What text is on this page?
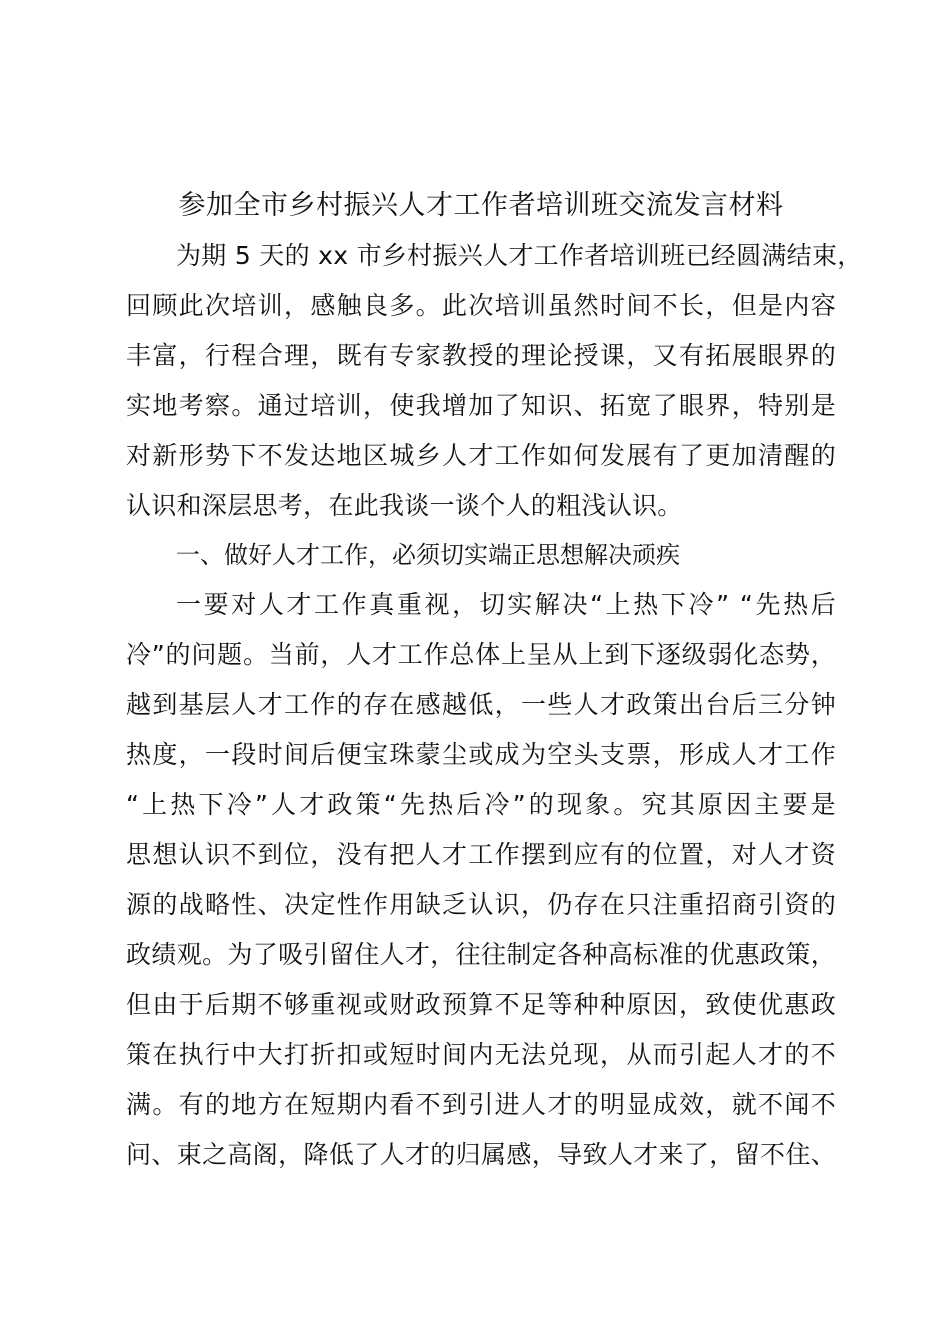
参加全市乡村振兴人才工作者培训班交流发言材料
为期 5 天的 xx 市乡村振兴人才工作者培训班已经圆满结束，
回顾此次培训，感触良多。此次培训虽然时间不长，但是内容
丰富，行程合理，既有专家教授的理论授课，又有拓展眼界的
实地考察。通过培训，使我增加了知识、拓宽了眼界，特别是
对新形势下不发达地区城乡人才工作如何发展有了更加清醒的
认识和深层思考，在此我谈一谈个人的粗浅认识。
一、做好人才工作，必须切实端正思想解决顽疾
一要对人才工作真重视，切实解决“上热下冷” “先热后
冷”的问题。当前，人才工作总体上呈从上到下逐级弱化态势，
越到基层人才工作的存在感越低，一些人才政策出台后三分钟
热度，一段时间后便宝珠蒙尘或成为空头支票，形成人才工作
“上热下冷”人才政策“先热后冷”的现象。究其原因主要是
思想认识不到位，没有把人才工作摆到应有的位置，对人才资
源的战略性、决定性作用缺乏认识，仍存在只注重招商引资的
政绩观。为了吸引留住人才，往往制定各种高标准的优惠政策，
但由于后期不够重视或财政预算不足等种种原因，致使优惠政
策在执行中大打折扣或短时间内无法兑现，从而引起人才的不
满。有的地方在短期内看不到引进人才的明显成效，就不闻不
问、束之高阁，降低了人才的归属感，导致人才来了，留不住、
